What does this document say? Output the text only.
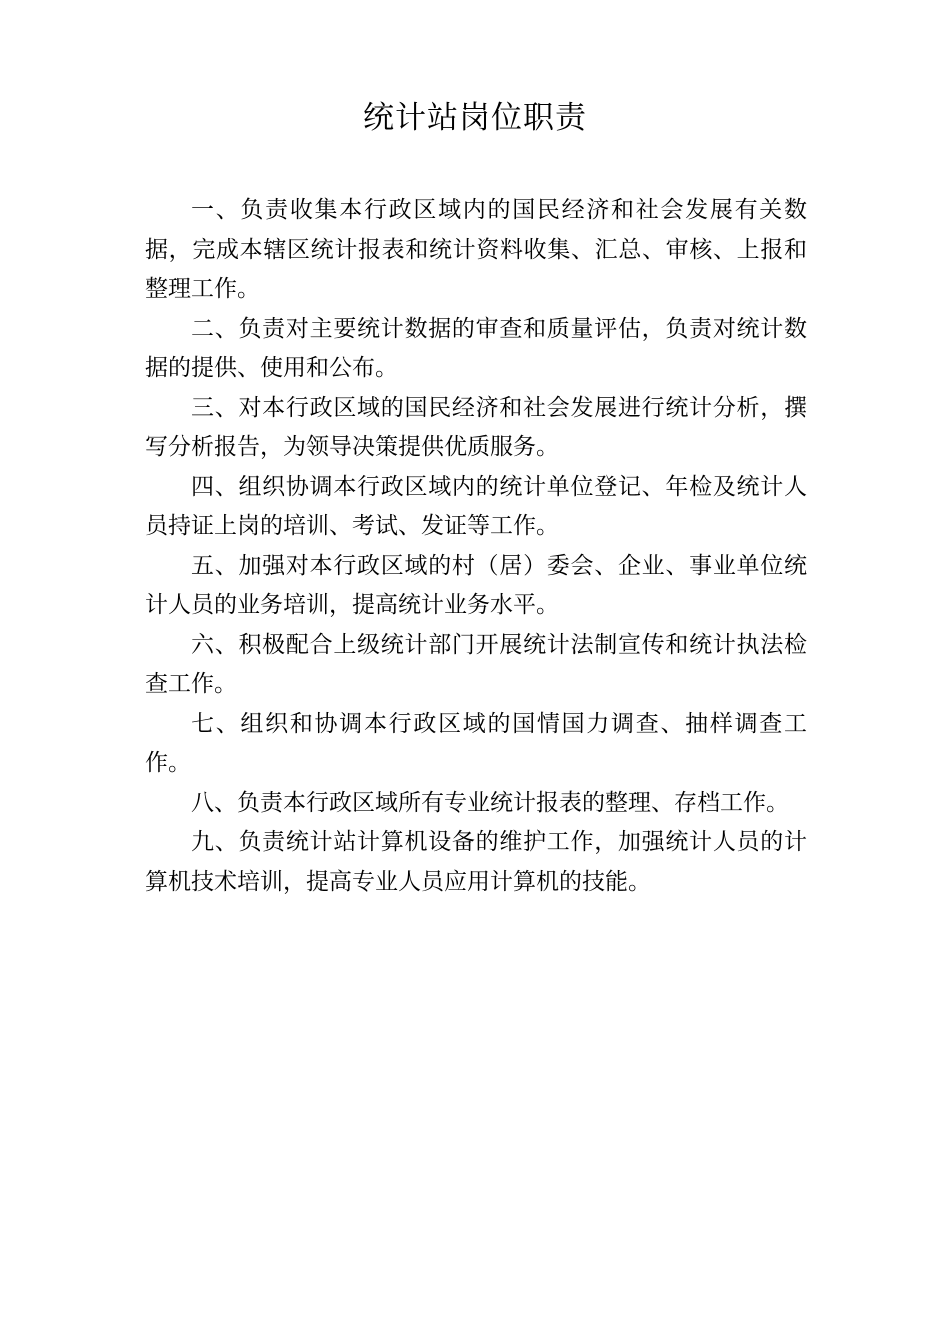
统计站岗位职责

一、负责收集本行政区域内的国民经济和社会发展有关数据，完成本辖区统计报表和统计资料收集、汇总、审核、上报和整理工作。

二、负责对主要统计数据的审查和质量评估，负责对统计数据的提供、使用和公布。

三、对本行政区域的国民经济和社会发展进行统计分析，撰写分析报告，为领导决策提供优质服务。

四、组织协调本行政区域内的统计单位登记、年检及统计人员持证上岗的培训、考试、发证等工作。

五、加强对本行政区域的村（居）委会、企业、事业单位统计人员的业务培训，提高统计业务水平。

六、积极配合上级统计部门开展统计法制宣传和统计执法检查工作。

七、组织和协调本行政区域的国情国力调查、抽样调查工作。

八、负责本行政区域所有专业统计报表的整理、存档工作。

九、负责统计站计算机设备的维护工作，加强统计人员的计算机技术培训，提高专业人员应用计算机的技能。
